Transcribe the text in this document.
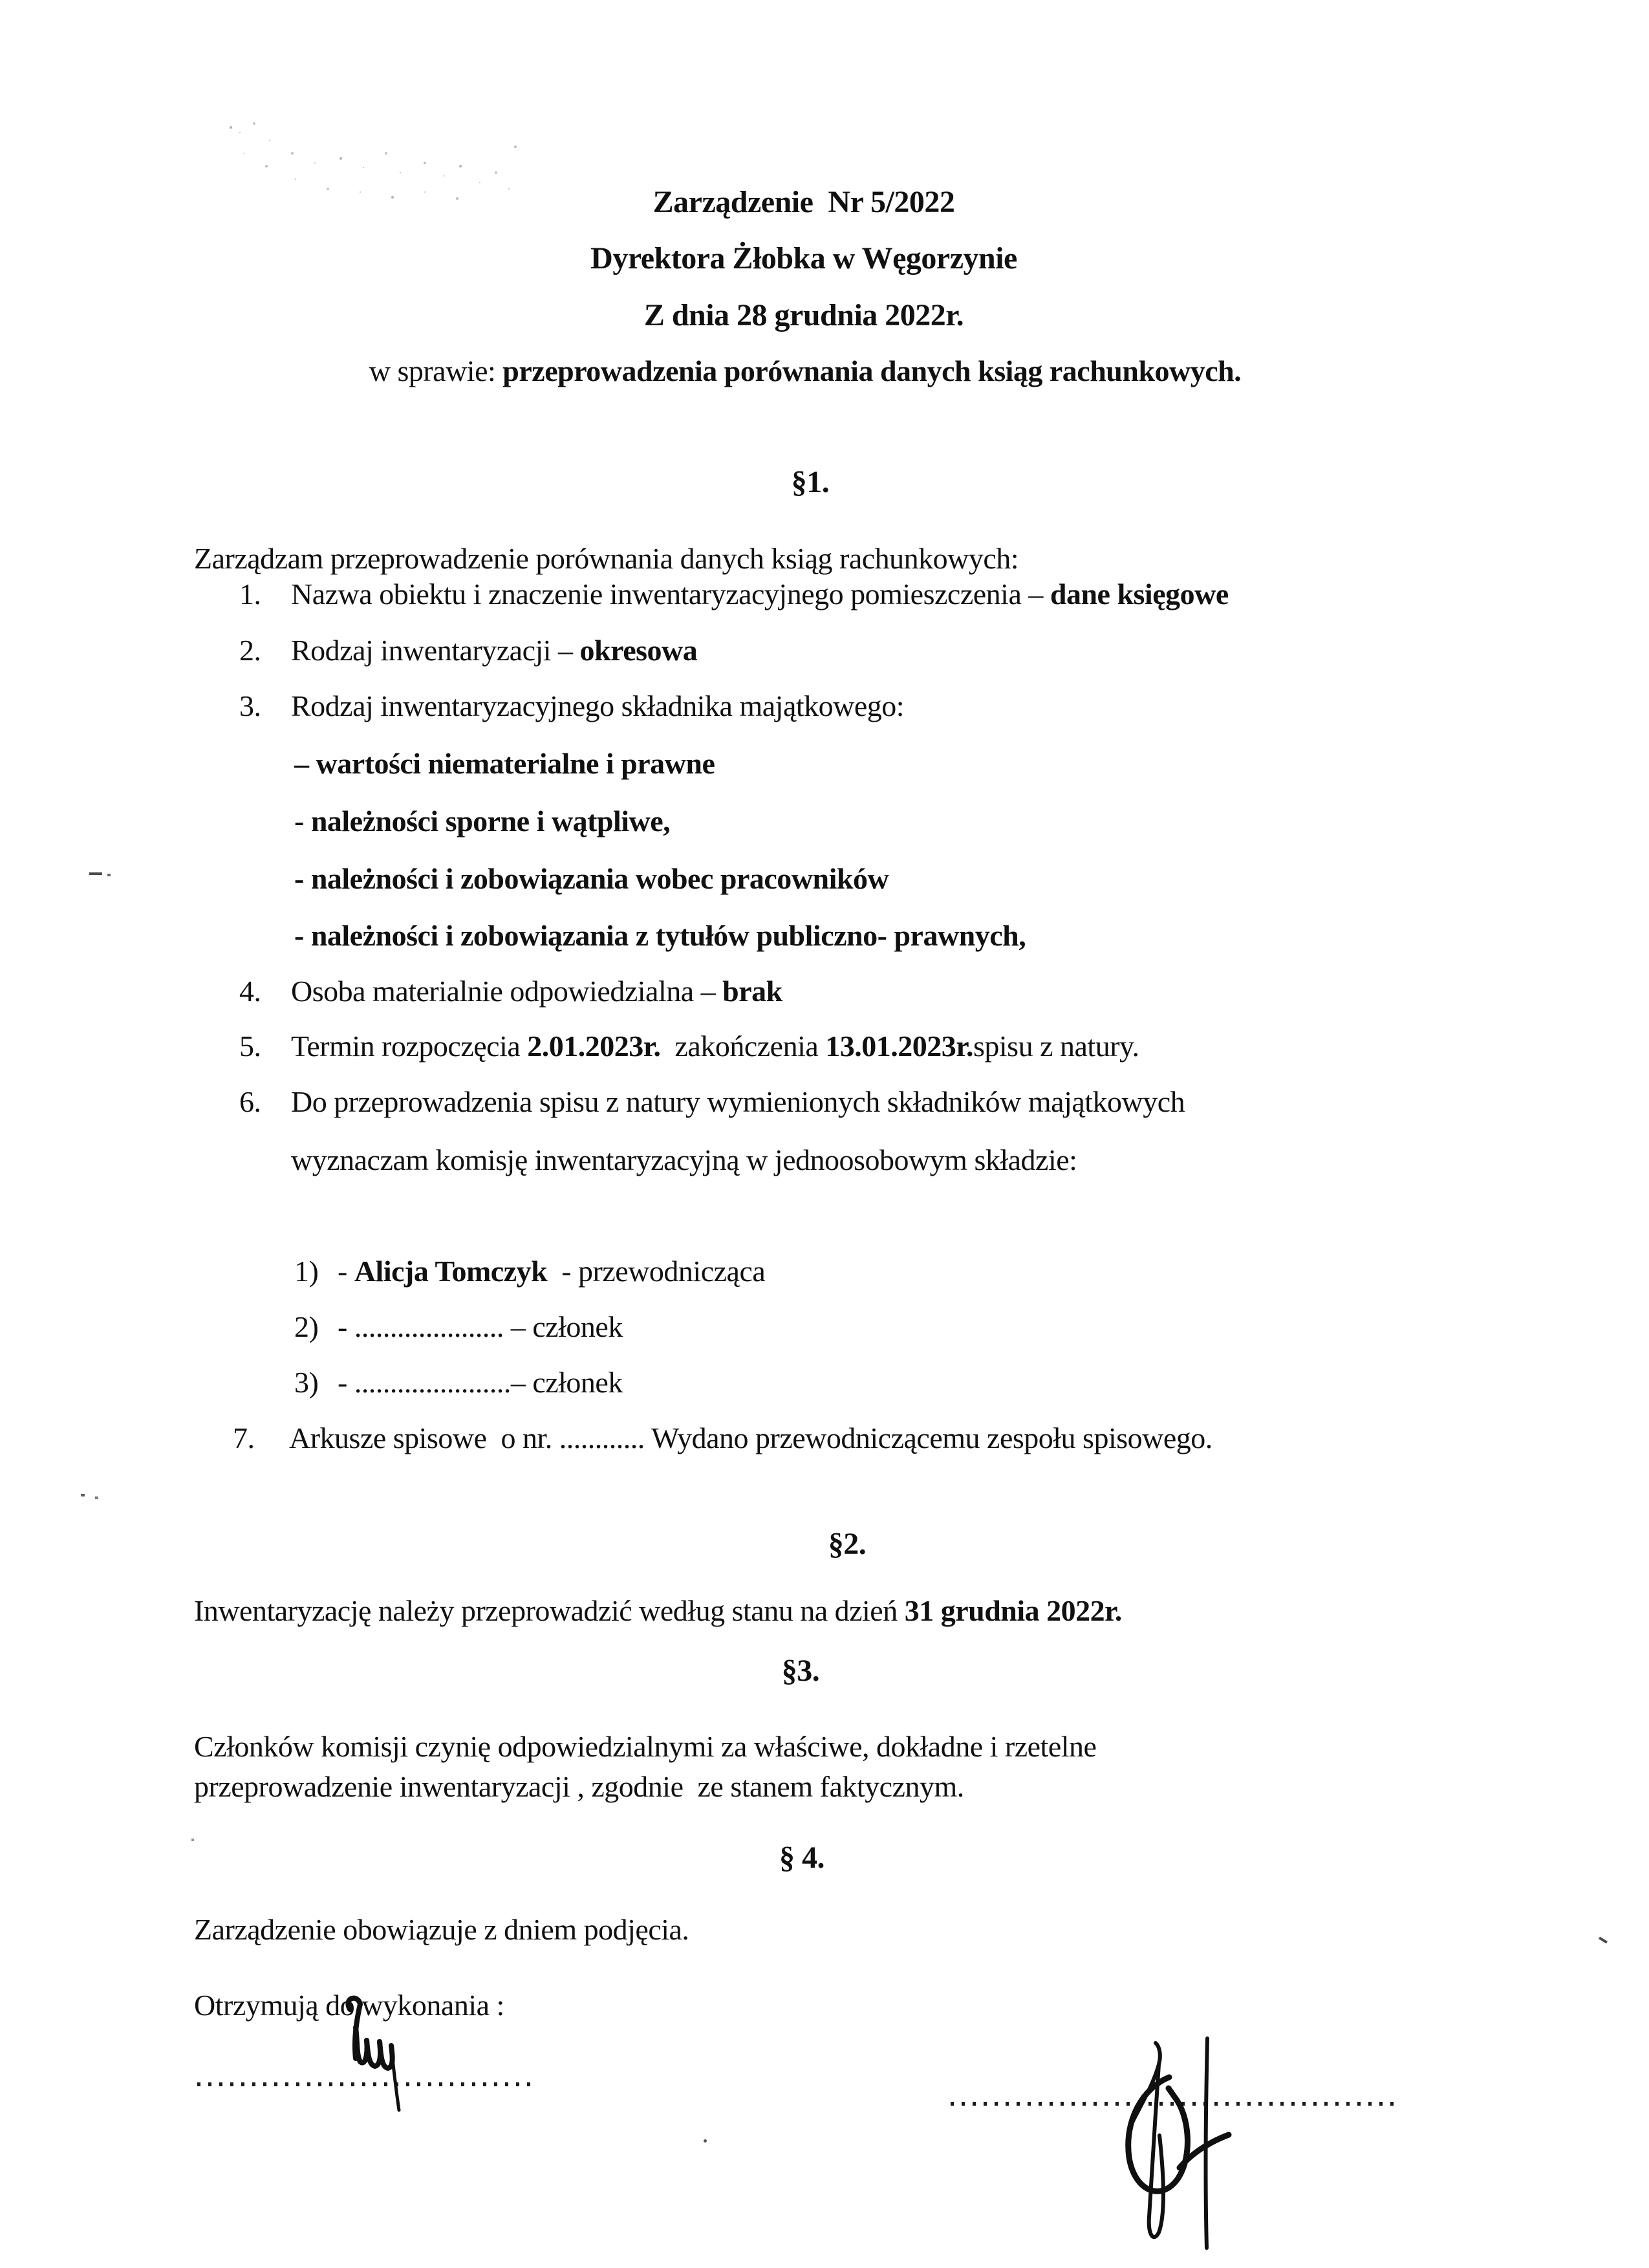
Zarządzenie  Nr 5/2022
Dyrektora Żłobka w Węgorzynie
Z dnia 28 grudnia 2022r.
w sprawie: przeprowadzenia porównania danych ksiąg rachunkowych.
§1.
Zarządzam przeprowadzenie porównania danych ksiąg rachunkowych:
1. Nazwa obiektu i znaczenie inwentaryzacyjnego pomieszczenia – dane księgowe
2. Rodzaj inwentaryzacji – okresowa
3. Rodzaj inwentaryzacyjnego składnika majątkowego:
– wartości niematerialne i prawne
- należności sporne i wątpliwe,
- należności i zobowiązania wobec pracowników
- należności i zobowiązania z tytułów publiczno- prawnych,
4. Osoba materialnie odpowiedzialna – brak
5. Termin rozpoczęcia 2.01.2023r.  zakończenia 13.01.2023r.spisu z natury.
6. Do przeprowadzenia spisu z natury wymienionych składników majątkowych
wyznaczam komisję inwentaryzacyjną w jednoosobowym składzie:
1) - Alicja Tomczyk  - przewodnicząca
2) - ..................... – członek
3) - ......................– członek
7. Arkusze spisowe  o nr. ............ Wydano przewodniczącemu zespołu spisowego.
§2.
Inwentaryzację należy przeprowadzić według stanu na dzień 31 grudnia 2022r.
§3.
Członków komisji czynię odpowiedzialnymi za właściwe, dokładne i rzetelne
przeprowadzenie inwentaryzacji , zgodnie  ze stanem faktycznym.
§ 4.
Zarządzenie obowiązuje z dniem podjęcia.
Otrzymują do wykonania :
